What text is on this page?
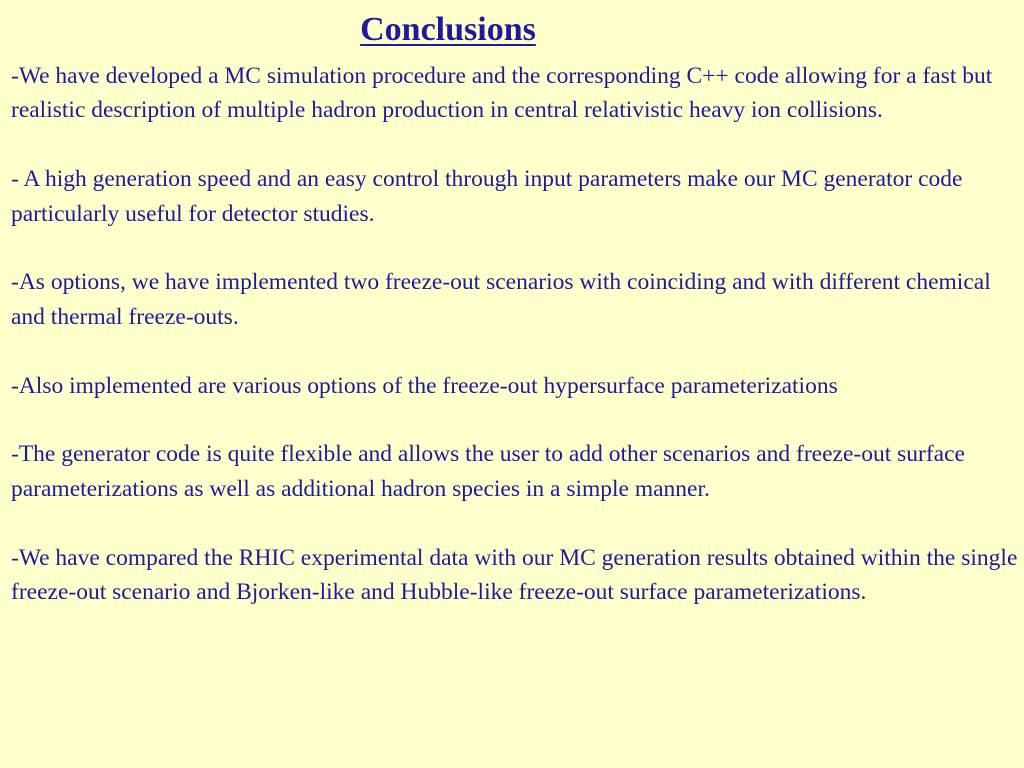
Conclusions

-We have developed a MC simulation procedure and the corresponding C++ code allowing for a fast but realistic description of multiple hadron production in central relativistic heavy ion collisions.

- A high generation speed and an easy control through input parameters make our MC generator code particularly useful for detector studies.

-As options, we have implemented two freeze-out scenarios with coinciding and with different chemical and thermal freeze-outs.

-Also implemented are various options of the freeze-out hypersurface parameterizations

-The generator code is quite flexible and allows the user to add other scenarios and freeze-out surface parameterizations as well as additional hadron species in a simple manner.

-We have compared the RHIC experimental data with our MC generation results obtained within the single freeze-out scenario and Bjorken-like and Hubble-like freeze-out surface parameterizations.
